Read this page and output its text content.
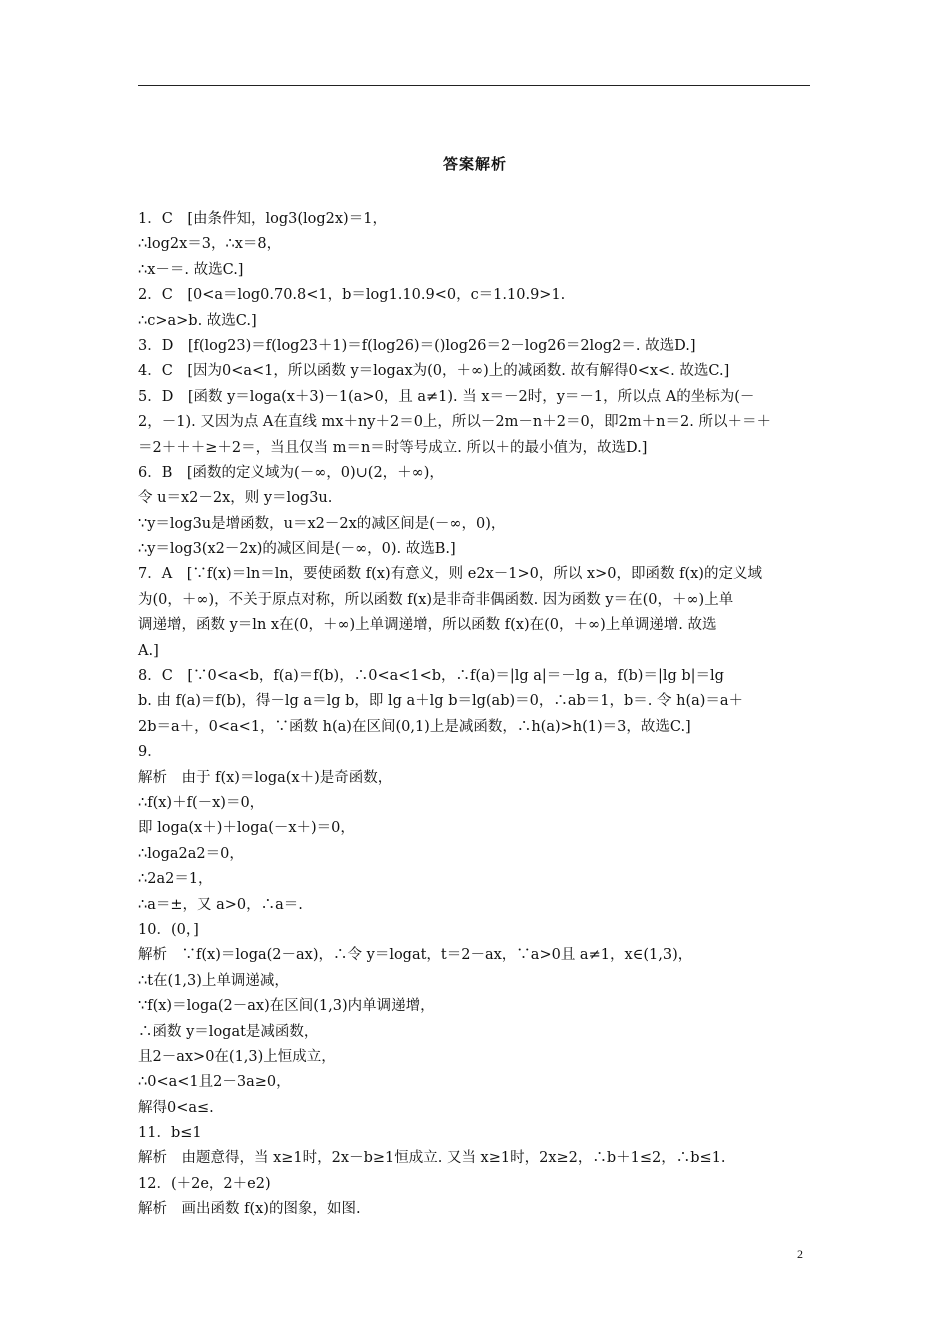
答案解析
1．C　[由条件知，log3(log2x)＝1，
∴log2x＝3，∴x＝8，
∴x－＝. 故选C.]
2．C　[0<a＝log0.70.8<1，b＝log1.10.9<0，c＝1.10.9>1.
∴c>a>b. 故选C.]
3．D　[f(log23)＝f(log23＋1)＝f(log26)＝()log26＝2－log26＝2log2＝. 故选D.]
4．C　[因为0<a<1，所以函数 y＝logax为(0，＋∞)上的减函数. 故有解得0<x<. 故选C.]
5．D　[函数 y＝loga(x＋3)－1(a>0，且 a≠1). 当 x＝－2时，y＝－1，所以点 A的坐标为(－
2，－1). 又因为点 A在直线 mx＋ny＋2＝0上，所以－2m－n＋2＝0，即2m＋n＝2. 所以＋＝＋
＝2＋＋＋≥＋2＝，当且仅当 m＝n＝时等号成立. 所以＋的最小值为，故选D.]
6．B　[函数的定义域为(－∞，0)∪(2，＋∞)，
令 u＝x2－2x，则 y＝log3u.
∵y＝log3u是增函数，u＝x2－2x的减区间是(－∞，0)，
∴y＝log3(x2－2x)的减区间是(－∞，0). 故选B.]
7．A　[∵f(x)＝ln＝ln，要使函数 f(x)有意义，则 e2x－1>0，所以 x>0，即函数 f(x)的定义域
为(0，＋∞)，不关于原点对称，所以函数 f(x)是非奇非偶函数. 因为函数 y＝在(0，＋∞)上单
调递增，函数 y＝ln x在(0，＋∞)上单调递增，所以函数 f(x)在(0，＋∞)上单调递增. 故选
A.]
8．C　[∵0<a<b，f(a)＝f(b)，∴0<a<1<b，∴f(a)＝|lg a|＝－lg a，f(b)＝|lg b|＝lg
b. 由 f(a)＝f(b)，得－lg a＝lg b，即 lg a＋lg b＝lg(ab)＝0，∴ab＝1，b＝. 令 h(a)＝a＋
2b＝a＋，0<a<1，∵函数 h(a)在区间(0,1)上是减函数，∴h(a)>h(1)＝3，故选C.]
9．
解析　由于 f(x)＝loga(x＋)是奇函数，
∴f(x)＋f(－x)＝0，
即 loga(x＋)＋loga(－x＋)＝0，
∴loga2a2＝0，
∴2a2＝1，
∴a＝±，又 a>0，∴a＝.
10．(0，]
解析　∵f(x)＝loga(2－ax)，∴令 y＝logat，t＝2－ax，∵a>0且 a≠1，x∈(1,3)，
∴t在(1,3)上单调递减，
∵f(x)＝loga(2－ax)在区间(1,3)内单调递增，
∴函数 y＝logat是减函数，
且2－ax>0在(1,3)上恒成立，
∴0<a<1且2－3a≥0，
解得0<a≤.
11．b≤1
解析　由题意得，当 x≥1时，2x－b≥1恒成立. 又当 x≥1时，2x≥2，∴b＋1≤2，∴b≤1.
12．(＋2e，2＋e2)
解析　画出函数 f(x)的图象，如图.
2
